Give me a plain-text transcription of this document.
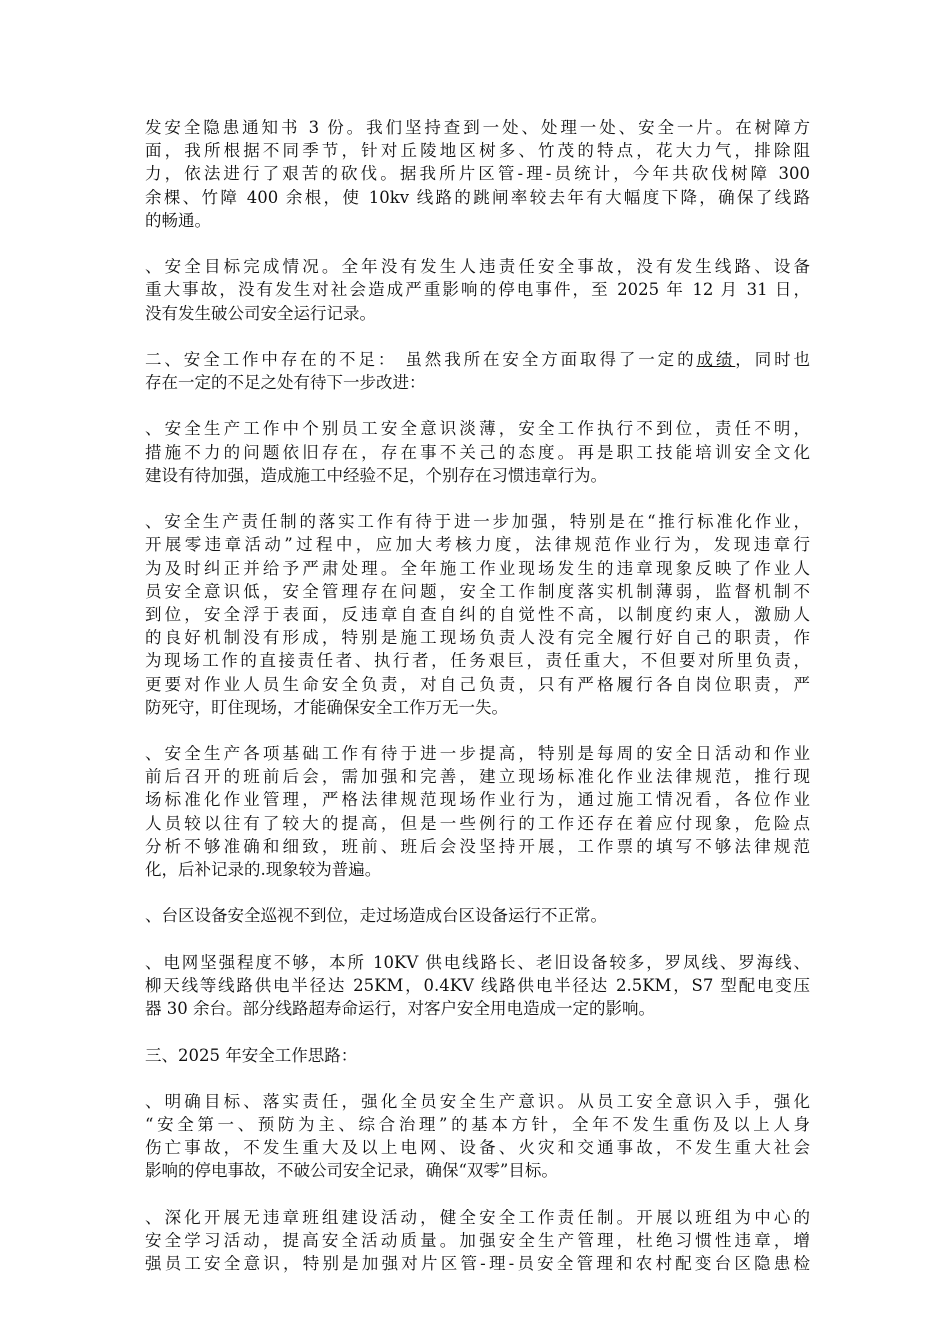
发安全隐患通知书 3 份。我们坚持查到一处、处理一处、安全一片。在树障方
面，我所根据不同季节，针对丘陵地区树多、竹茂的特点，花大力气，排除阻
力，依法进行了艰苦的砍伐。据我所片区管-理-员统计，今年共砍伐树障 300
余棵、竹障 400 余根，使 10kv 线路的跳闸率较去年有大幅度下降，确保了线路
的畅通。
、安全目标完成情况。全年没有发生人违责任安全事故，没有发生线路、设备
重大事故，没有发生对社会造成严重影响的停电事件，至 2025 年 12 月 31 日，
没有发生破公司安全运行记录。
二、安全工作中存在的不足： 虽然我所在安全方面取得了一定的成绩，同时也
存在一定的不足之处有待下一步改进：
、安全生产工作中个别员工安全意识淡薄，安全工作执行不到位，责任不明，
措施不力的问题依旧存在，存在事不关己的态度。再是职工技能培训安全文化
建设有待加强，造成施工中经验不足，个别存在习惯违章行为。
、安全生产责任制的落实工作有待于进一步加强，特别是在“推行标准化作业，
开展零违章活动”过程中，应加大考核力度，法律规范作业行为，发现违章行
为及时纠正并给予严肃处理。全年施工作业现场发生的违章现象反映了作业人
员安全意识低，安全管理存在问题，安全工作制度落实机制薄弱，监督机制不
到位，安全浮于表面，反违章自查自纠的自觉性不高，以制度约束人，激励人
的良好机制没有形成，特别是施工现场负责人没有完全履行好自己的职责，作
为现场工作的直接责任者、执行者，任务艰巨，责任重大，不但要对所里负责，
更要对作业人员生命安全负责，对自己负责，只有严格履行各自岗位职责，严
防死守，盯住现场，才能确保安全工作万无一失。
、安全生产各项基础工作有待于进一步提高，特别是每周的安全日活动和作业
前后召开的班前后会，需加强和完善，建立现场标准化作业法律规范，推行现
场标准化作业管理，严格法律规范现场作业行为，通过施工情况看，各位作业
人员较以往有了较大的提高，但是一些例行的工作还存在着应付现象，危险点
分析不够准确和细致，班前、班后会没坚持开展，工作票的填写不够法律规范
化，后补记录的.现象较为普遍。
、台区设备安全巡视不到位，走过场造成台区设备运行不正常。
、电网坚强程度不够，本所 10KV 供电线路长、老旧设备较多，罗凤线、罗海线、
柳天线等线路供电半径达 25KM，0.4KV 线路供电半径达 2.5KM，S7 型配电变压
器 30 余台。部分线路超寿命运行，对客户安全用电造成一定的影响。
三、2025 年安全工作思路：
、明确目标、落实责任，强化全员安全生产意识。从员工安全意识入手，强化
“安全第一、预防为主、综合治理”的基本方针，全年不发生重伤及以上人身
伤亡事故，不发生重大及以上电网、设备、火灾和交通事故，不发生重大社会
影响的停电事故，不破公司安全记录，确保“双零”目标。
、深化开展无违章班组建设活动，健全安全工作责任制。开展以班组为中心的
安全学习活动，提高安全活动质量。加强安全生产管理，杜绝习惯性违章，增
强员工安全意识，特别是加强对片区管-理-员安全管理和农村配变台区隐患检
